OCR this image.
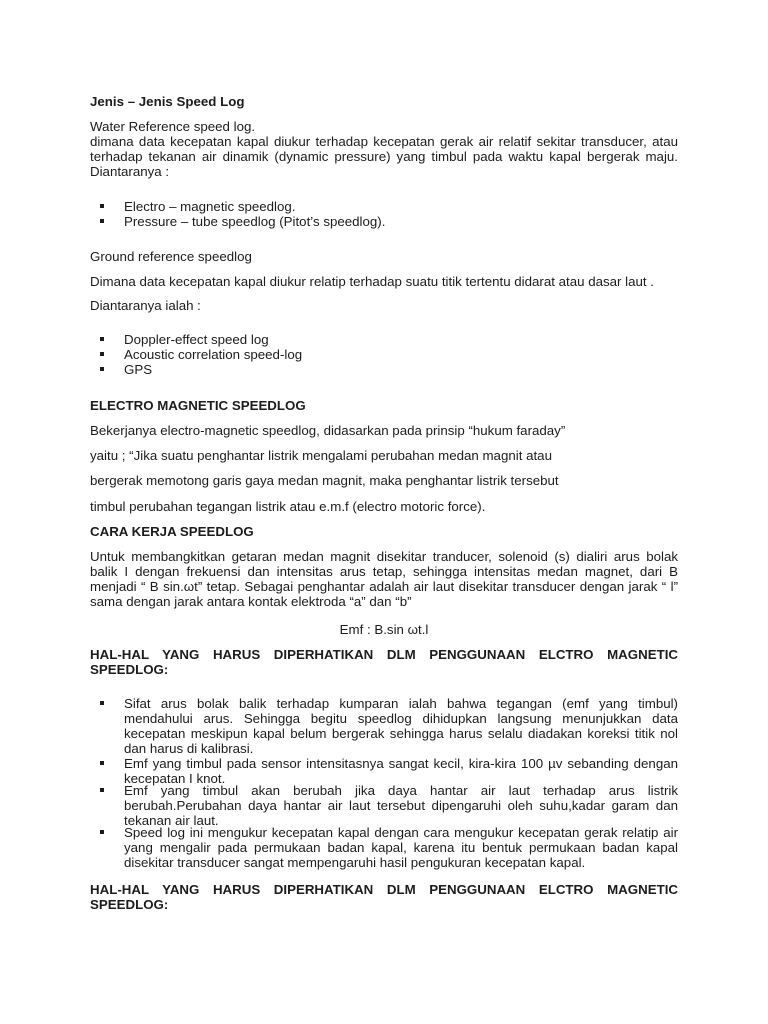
Jenis – Jenis Speed Log

Water Reference speed log.

dimana data kecepatan kapal diukur terhadap kecepatan gerak air relatif sekitar transducer, atau terhadap tekanan air dinamik (dynamic pressure) yang timbul pada waktu kapal bergerak maju. Diantaranya :

Electro – magnetic speedlog.
Pressure – tube speedlog (Pitot’s speedlog).

Ground reference speedlog

Dimana data kecepatan kapal diukur relatip terhadap suatu titik tertentu didarat atau dasar laut .

Diantaranya ialah :

Doppler-effect speed log
Acoustic correlation speed-log
GPS

ELECTRO MAGNETIC SPEEDLOG

Bekerjanya electro-magnetic speedlog, didasarkan pada prinsip “hukum faraday”

yaitu ; “Jika suatu penghantar listrik mengalami perubahan medan magnit atau

bergerak memotong garis gaya medan magnit, maka penghantar listrik tersebut

timbul perubahan tegangan listrik atau e.m.f (electro motoric force).

CARA KERJA SPEEDLOG

Untuk membangkitkan getaran medan magnit disekitar tranducer, solenoid (s) dialiri arus bolak balik I dengan frekuensi dan intensitas arus tetap, sehingga intensitas medan magnet, dari B menjadi “ B sin.ωt” tetap. Sebagai penghantar adalah air laut disekitar transducer dengan jarak “ l” sama dengan jarak antara kontak elektroda “a” dan “b”

Emf : B.sin ωt.l

HAL-HAL YANG HARUS DIPERHATIKAN DLM PENGGUNAAN ELCTRO MAGNETIC SPEEDLOG:

Sifat arus bolak balik terhadap kumparan ialah bahwa tegangan (emf yang timbul) mendahului arus. Sehingga begitu speedlog dihidupkan langsung menunjukkan data kecepatan meskipun kapal belum bergerak sehingga harus selalu diadakan koreksi titik nol dan harus di kalibrasi.
Emf yang timbul pada sensor intensitasnya sangat kecil, kira-kira 100 µv sebanding dengan kecepatan I knot.
Emf yang timbul akan berubah jika daya hantar air laut terhadap arus listrik berubah.Perubahan daya hantar air laut tersebut dipengaruhi oleh suhu,kadar garam dan tekanan air laut.
Speed log ini mengukur kecepatan kapal dengan cara mengukur kecepatan gerak relatip air yang mengalir pada permukaan badan kapal, karena itu bentuk permukaan badan kapal disekitar transducer sangat mempengaruhi hasil pengukuran kecepatan kapal.

HAL-HAL YANG HARUS DIPERHATIKAN DLM PENGGUNAAN ELCTRO MAGNETIC SPEEDLOG:
